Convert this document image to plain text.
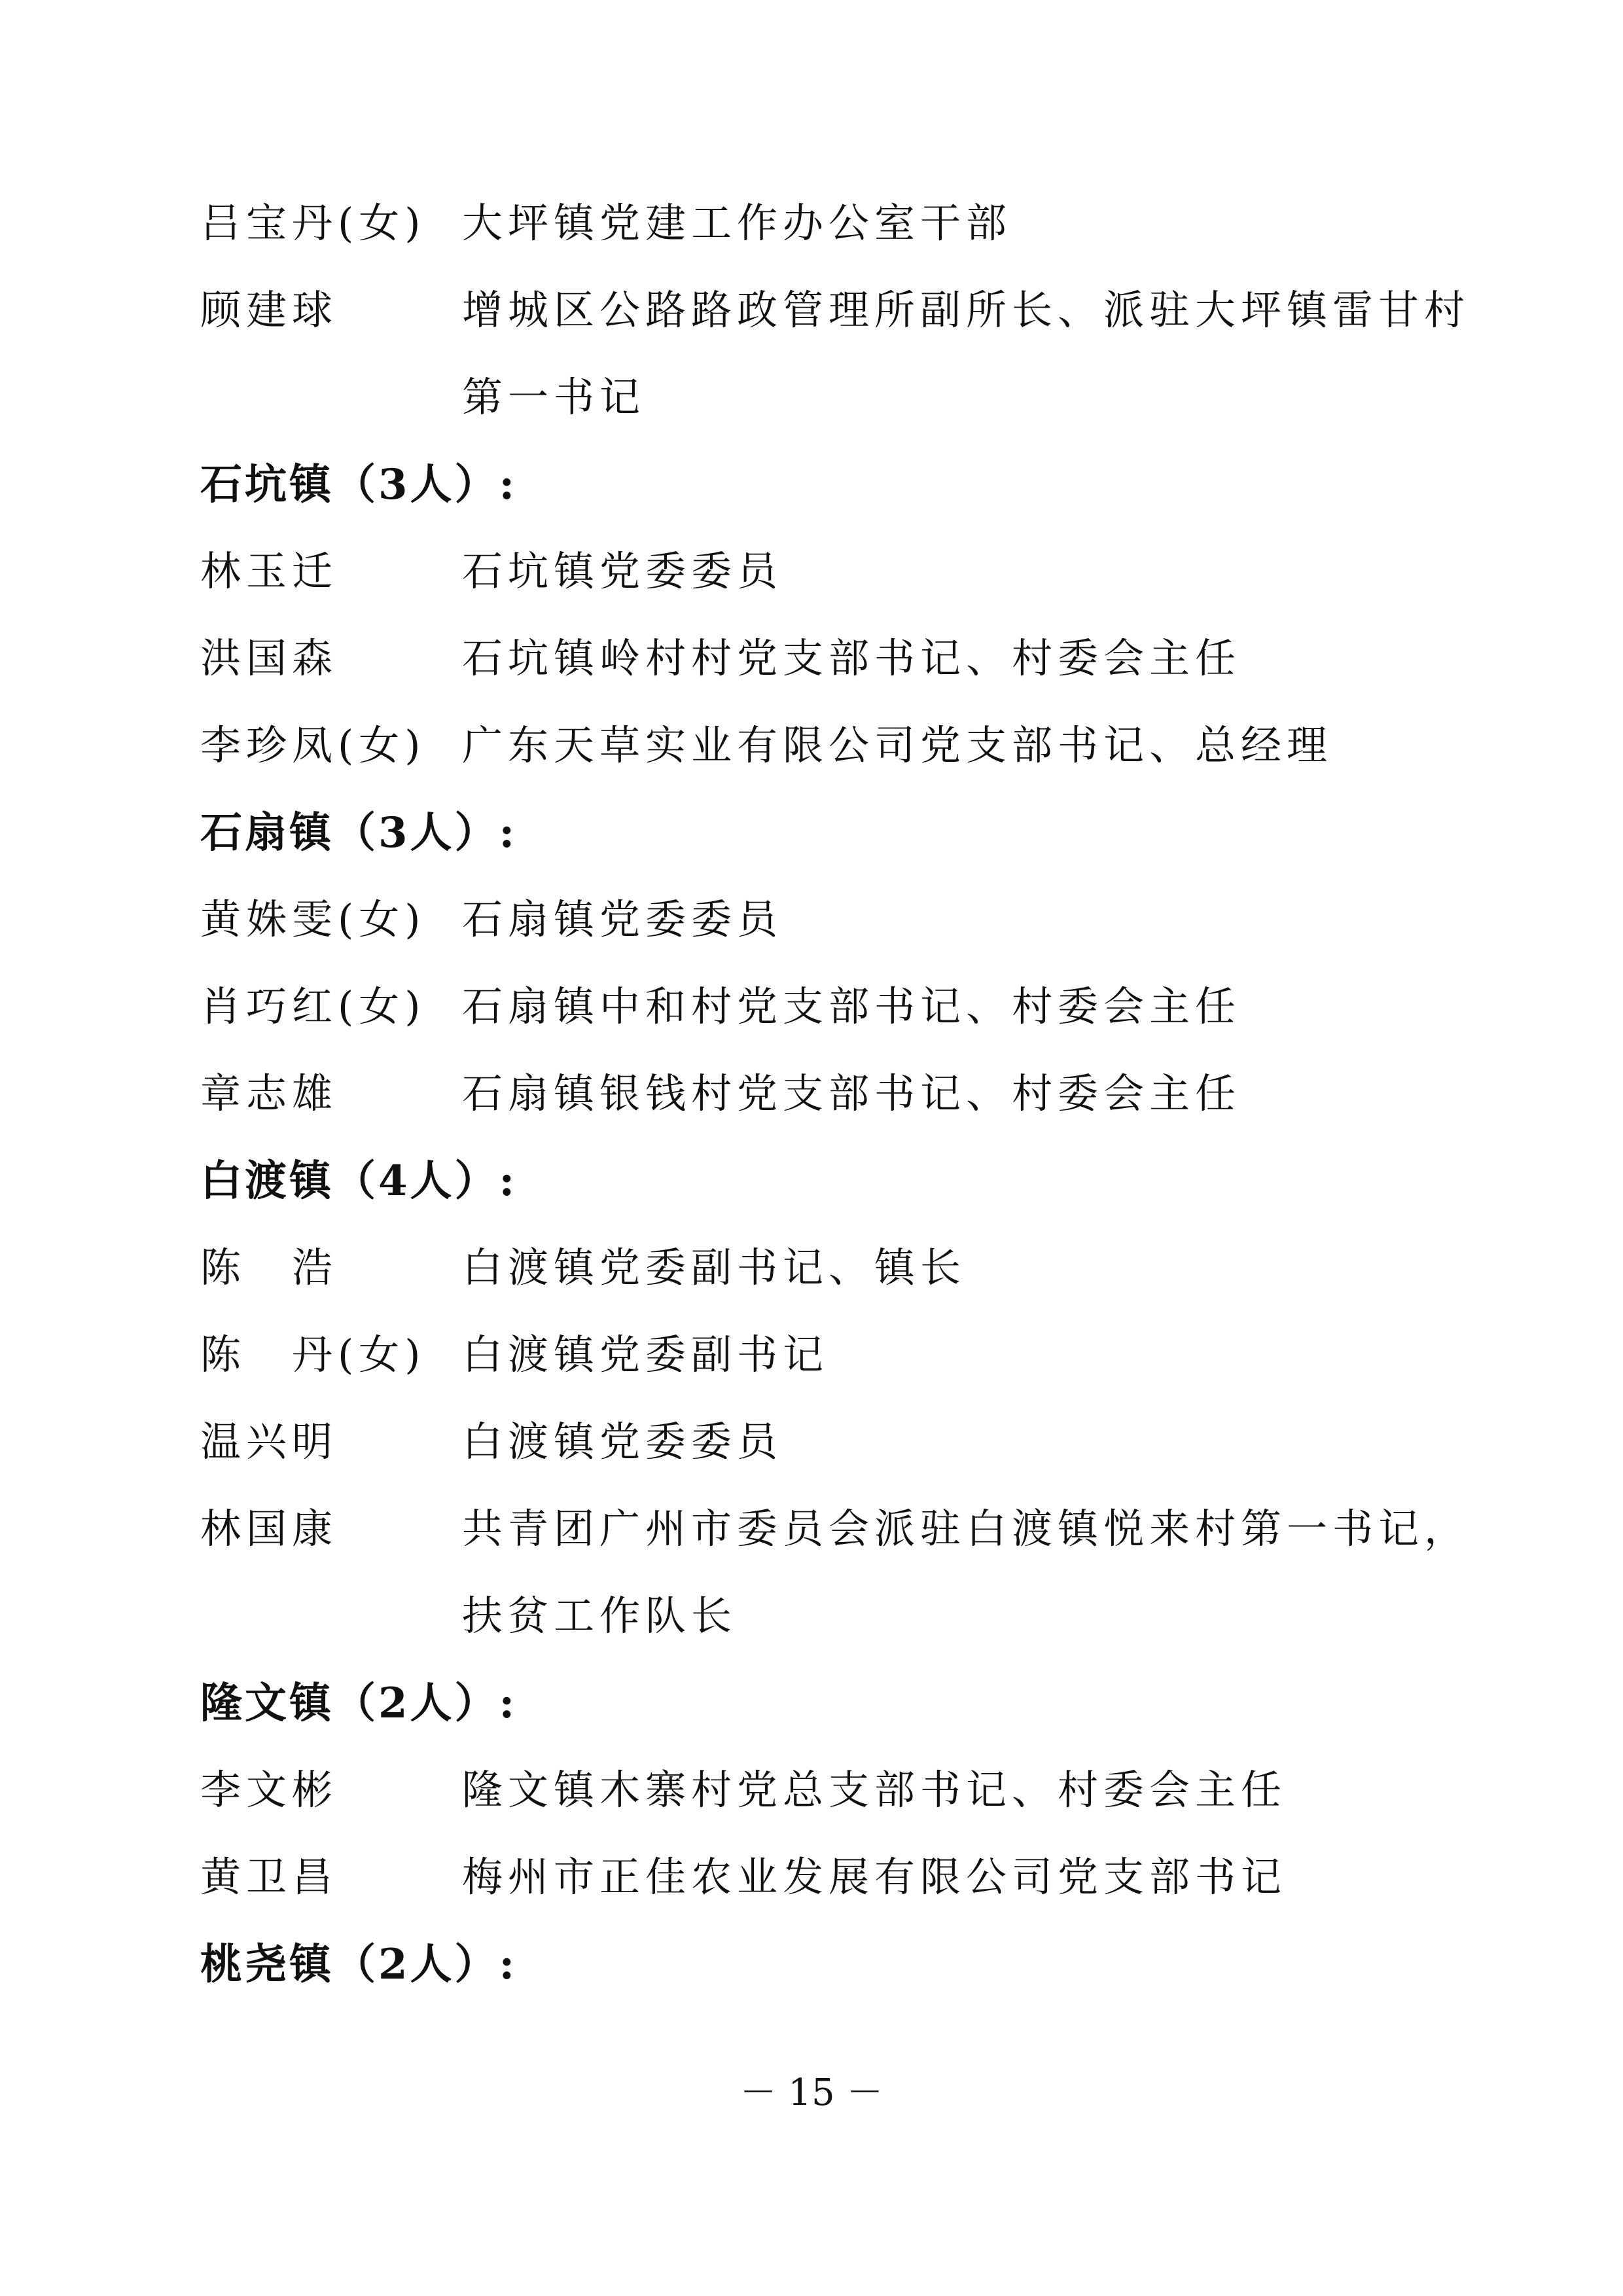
吕宝丹(女) 大坪镇党建工作办公室干部
顾建球	增城区公路路政管理所副所长、派驻大坪镇雷甘村
第一书记
石坑镇（3人）:
林玉迁	石坑镇党委委员
洪国森	石坑镇岭村村党支部书记、村委会主任
李珍凤(女) 广东天草实业有限公司党支部书记、总经理
石扇镇（3人）:
黄姝雯(女) 石扇镇党委委员
肖巧红(女) 石扇镇中和村党支部书记、村委会主任
章志雄	石扇镇银钱村党支部书记、村委会主任
白渡镇（4人）:
陈　浩	白渡镇党委副书记、镇长
陈　丹(女) 白渡镇党委副书记
温兴明	白渡镇党委委员
林国康	共青团广州市委员会派驻白渡镇悦来村第一书记，
扶贫工作队长
隆文镇（2人）:
李文彬	隆文镇木寨村党总支部书记、村委会主任
黄卫昌	梅州市正佳农业发展有限公司党支部书记
桃尧镇（2人）:
－ 15 －
